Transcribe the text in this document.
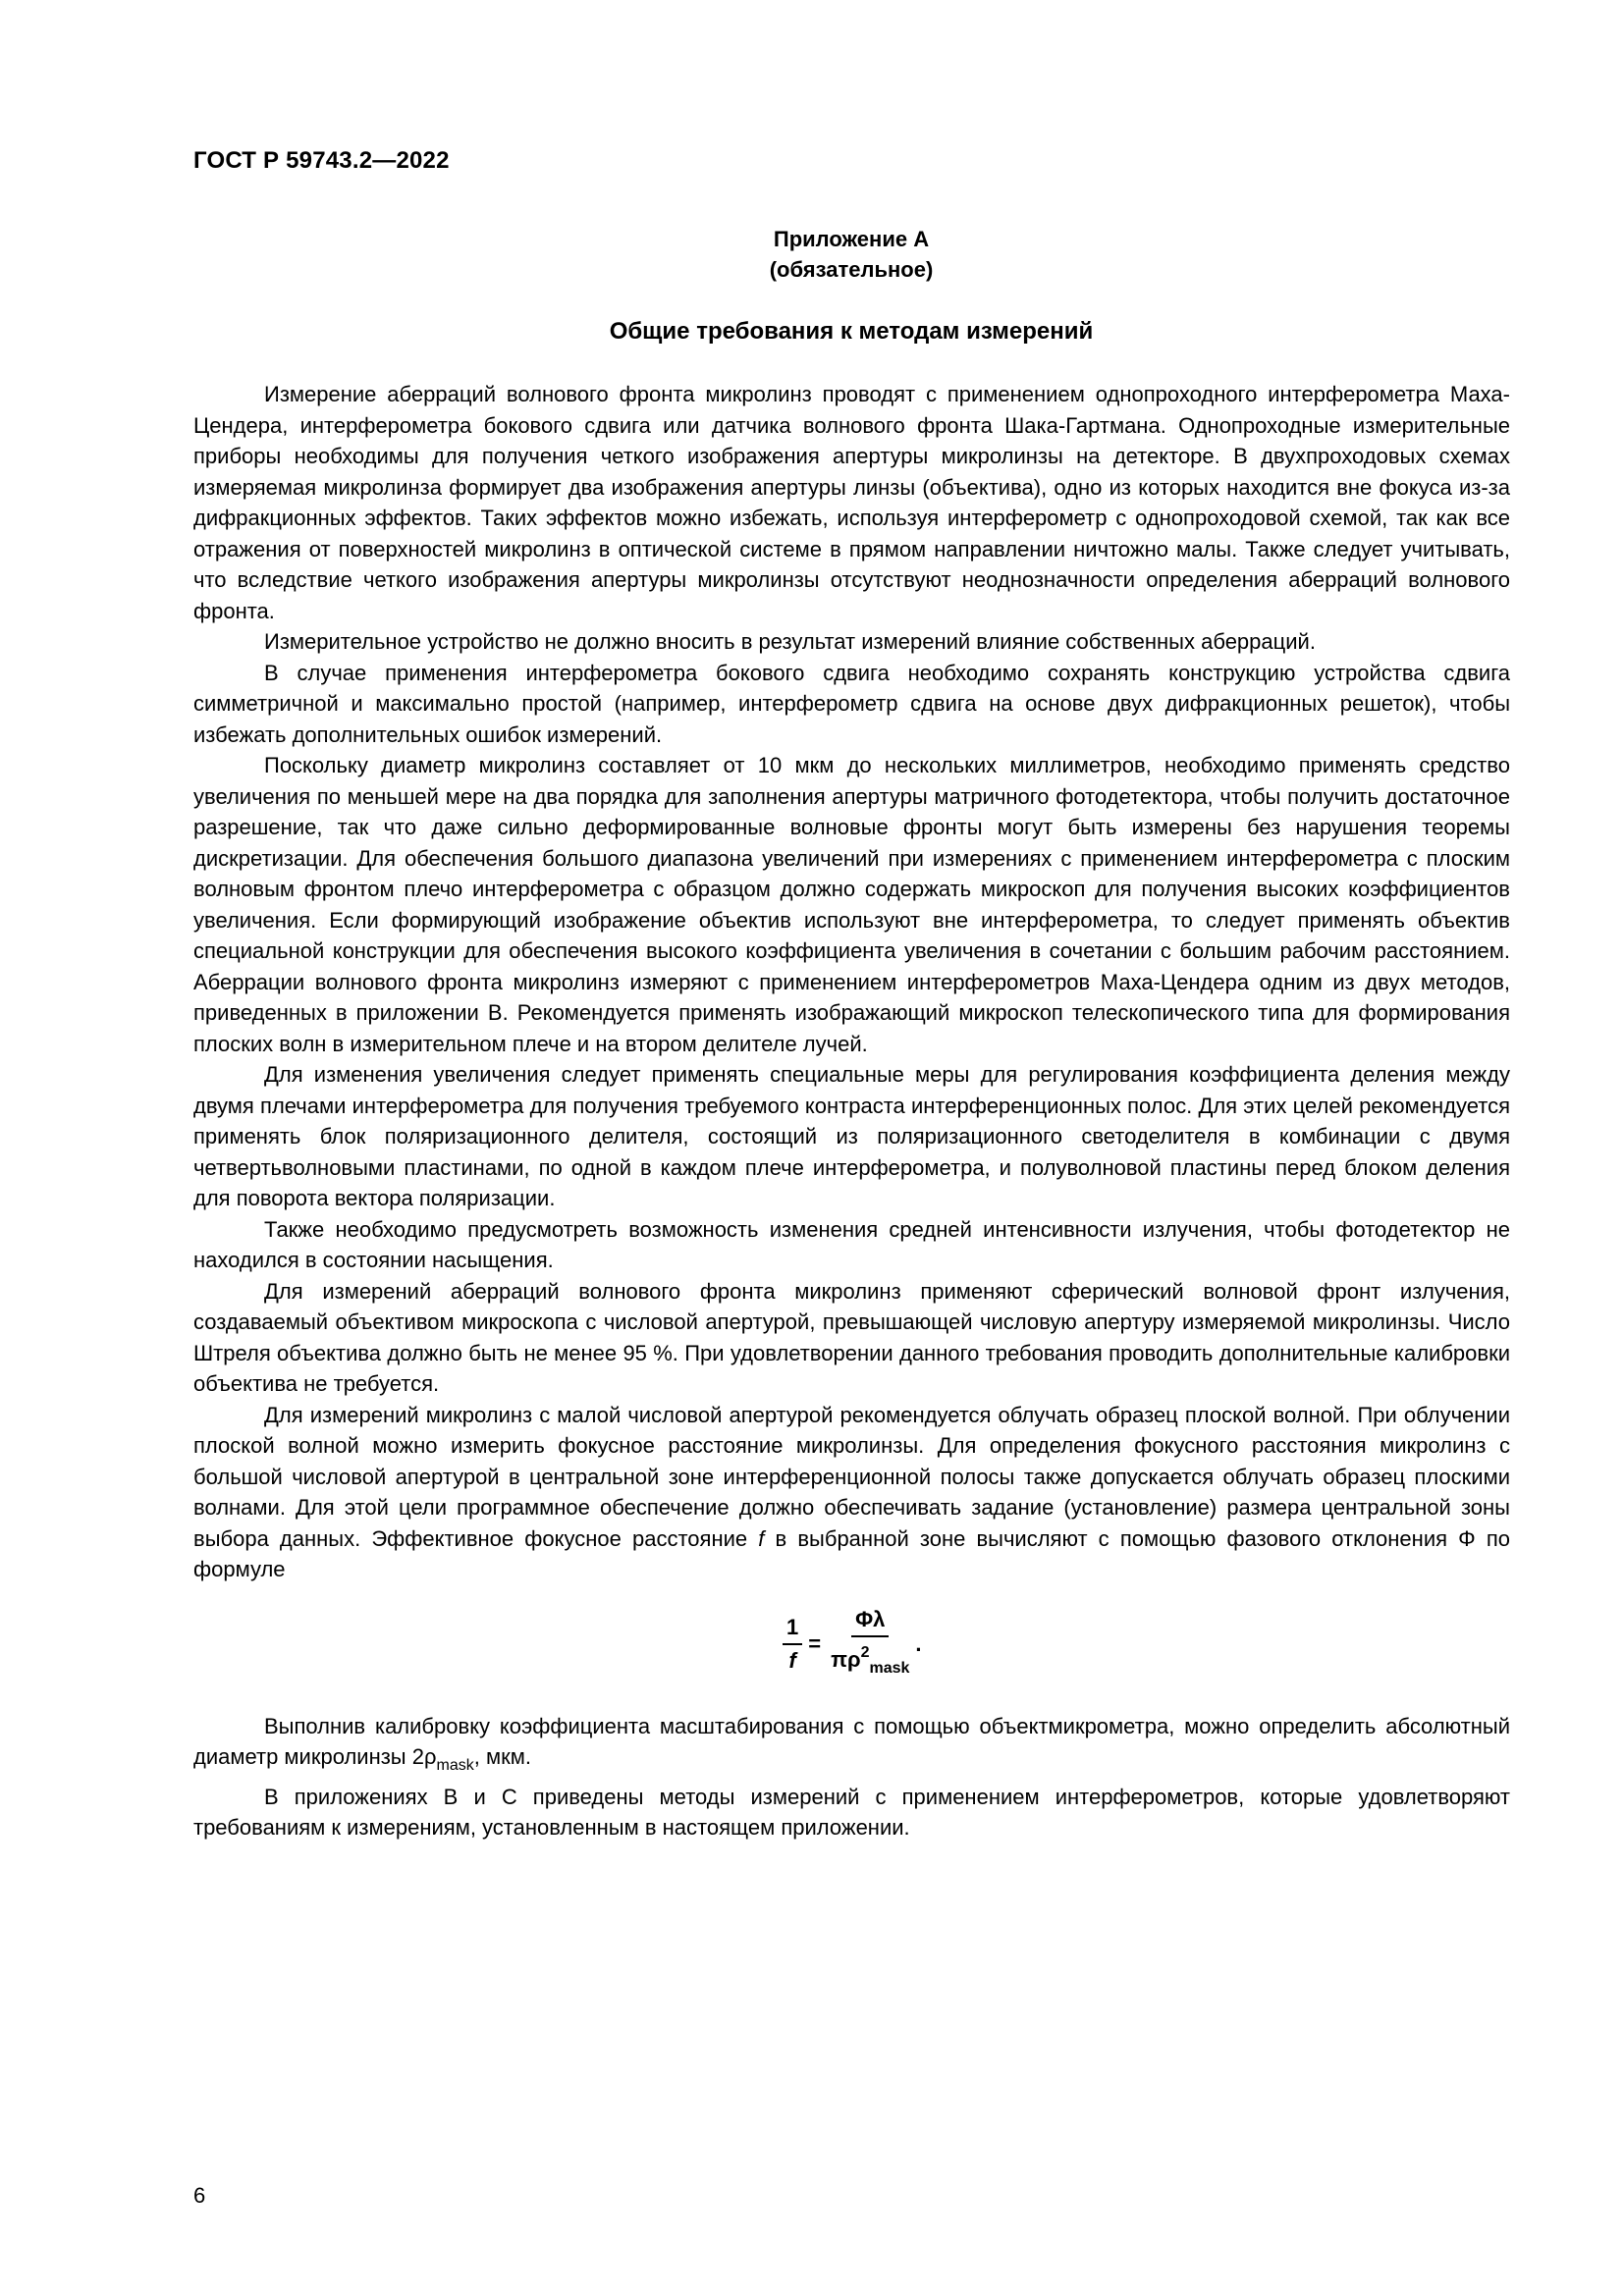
ГОСТ Р 59743.2—2022
Приложение А
(обязательное)
Общие требования к методам измерений

Измерение аберраций волнового фронта микролинз проводят с применением однопроходного интерферометра Маха-Цендера, интерферометра бокового сдвига или датчика волнового фронта Шака-Гартмана. Однопроходные измерительные приборы необходимы для получения четкого изображения апертуры микролинзы на детекторе. В двухпроходовых схемах измеряемая микролинза формирует два изображения апертуры линзы (объектива), одно из которых находится вне фокуса из-за дифракционных эффектов. Таких эффектов можно избежать, используя интерферометр с однопроходовой схемой, так как все отражения от поверхностей микролинз в оптической системе в прямом направлении ничтожно малы. Также следует учитывать, что вследствие четкого изображения апертуры микролинзы отсутствуют неоднозначности определения аберраций волнового фронта.

Измерительное устройство не должно вносить в результат измерений влияние собственных аберраций.

В случае применения интерферометра бокового сдвига необходимо сохранять конструкцию устройства сдвига симметричной и максимально простой (например, интерферометр сдвига на основе двух дифракционных решеток), чтобы избежать дополнительных ошибок измерений.

Поскольку диаметр микролинз составляет от 10 мкм до нескольких миллиметров, необходимо применять средство увеличения по меньшей мере на два порядка для заполнения апертуры матричного фотодетектора, чтобы получить достаточное разрешение, так что даже сильно деформированные волновые фронты могут быть измерены без нарушения теоремы дискретизации. Для обеспечения большого диапазона увеличений при измерениях с применением интерферометра с плоским волновым фронтом плечо интерферометра с образцом должно содержать микроскоп для получения высоких коэффициентов увеличения. Если формирующий изображение объектив используют вне интерферометра, то следует применять объектив специальной конструкции для обеспечения высокого коэффициента увеличения в сочетании с большим рабочим расстоянием. Аберрации волнового фронта микролинз измеряют с применением интерферометров Маха-Цендера одним из двух методов, приведенных в приложении В. Рекомендуется применять изображающий микроскоп телескопического типа для формирования плоских волн в измерительном плече и на втором делителе лучей.

Для изменения увеличения следует применять специальные меры для регулирования коэффициента деления между двумя плечами интерферометра для получения требуемого контраста интерференционных полос. Для этих целей рекомендуется применять блок поляризационного делителя, состоящий из поляризационного светоделителя в комбинации с двумя четвертьволновыми пластинами, по одной в каждом плече интерферометра, и полуволновой пластины перед блоком деления для поворота вектора поляризации.

Также необходимо предусмотреть возможность изменения средней интенсивности излучения, чтобы фотодетектор не находился в состоянии насыщения.

Для измерений аберраций волнового фронта микролинз применяют сферический волновой фронт излучения, создаваемый объективом микроскопа с числовой апертурой, превышающей числовую апертуру измеряемой микролинзы. Число Штреля объектива должно быть не менее 95 %. При удовлетворении данного требования проводить дополнительные калибровки объектива не требуется.

Для измерений микролинз с малой числовой апертурой рекомендуется облучать образец плоской волной. При облучении плоской волной можно измерить фокусное расстояние микролинзы. Для определения фокусного расстояния микролинз с большой числовой апертурой в центральной зоне интерференционной полосы также допускается облучать образец плоскими волнами. Для этой цели программное обеспечение должно обеспечивать задание (установление) размера центральной зоны выбора данных. Эффективное фокусное расстояние f в выбранной зоне вычисляют с помощью фазового отклонения Φ по формуле

$\frac{1}{f} = \frac{\Phi\lambda}{\pi\rho^2_{mask}}$ .

Выполнив калибровку коэффициента масштабирования с помощью объектмикрометра, можно определить абсолютный диаметр микролинзы $2\rho_{mask}$, мкм.

В приложениях В и С приведены методы измерений с применением интерферометров, которые удовлетворяют требованиям к измерениям, установленным в настоящем приложении.

6
